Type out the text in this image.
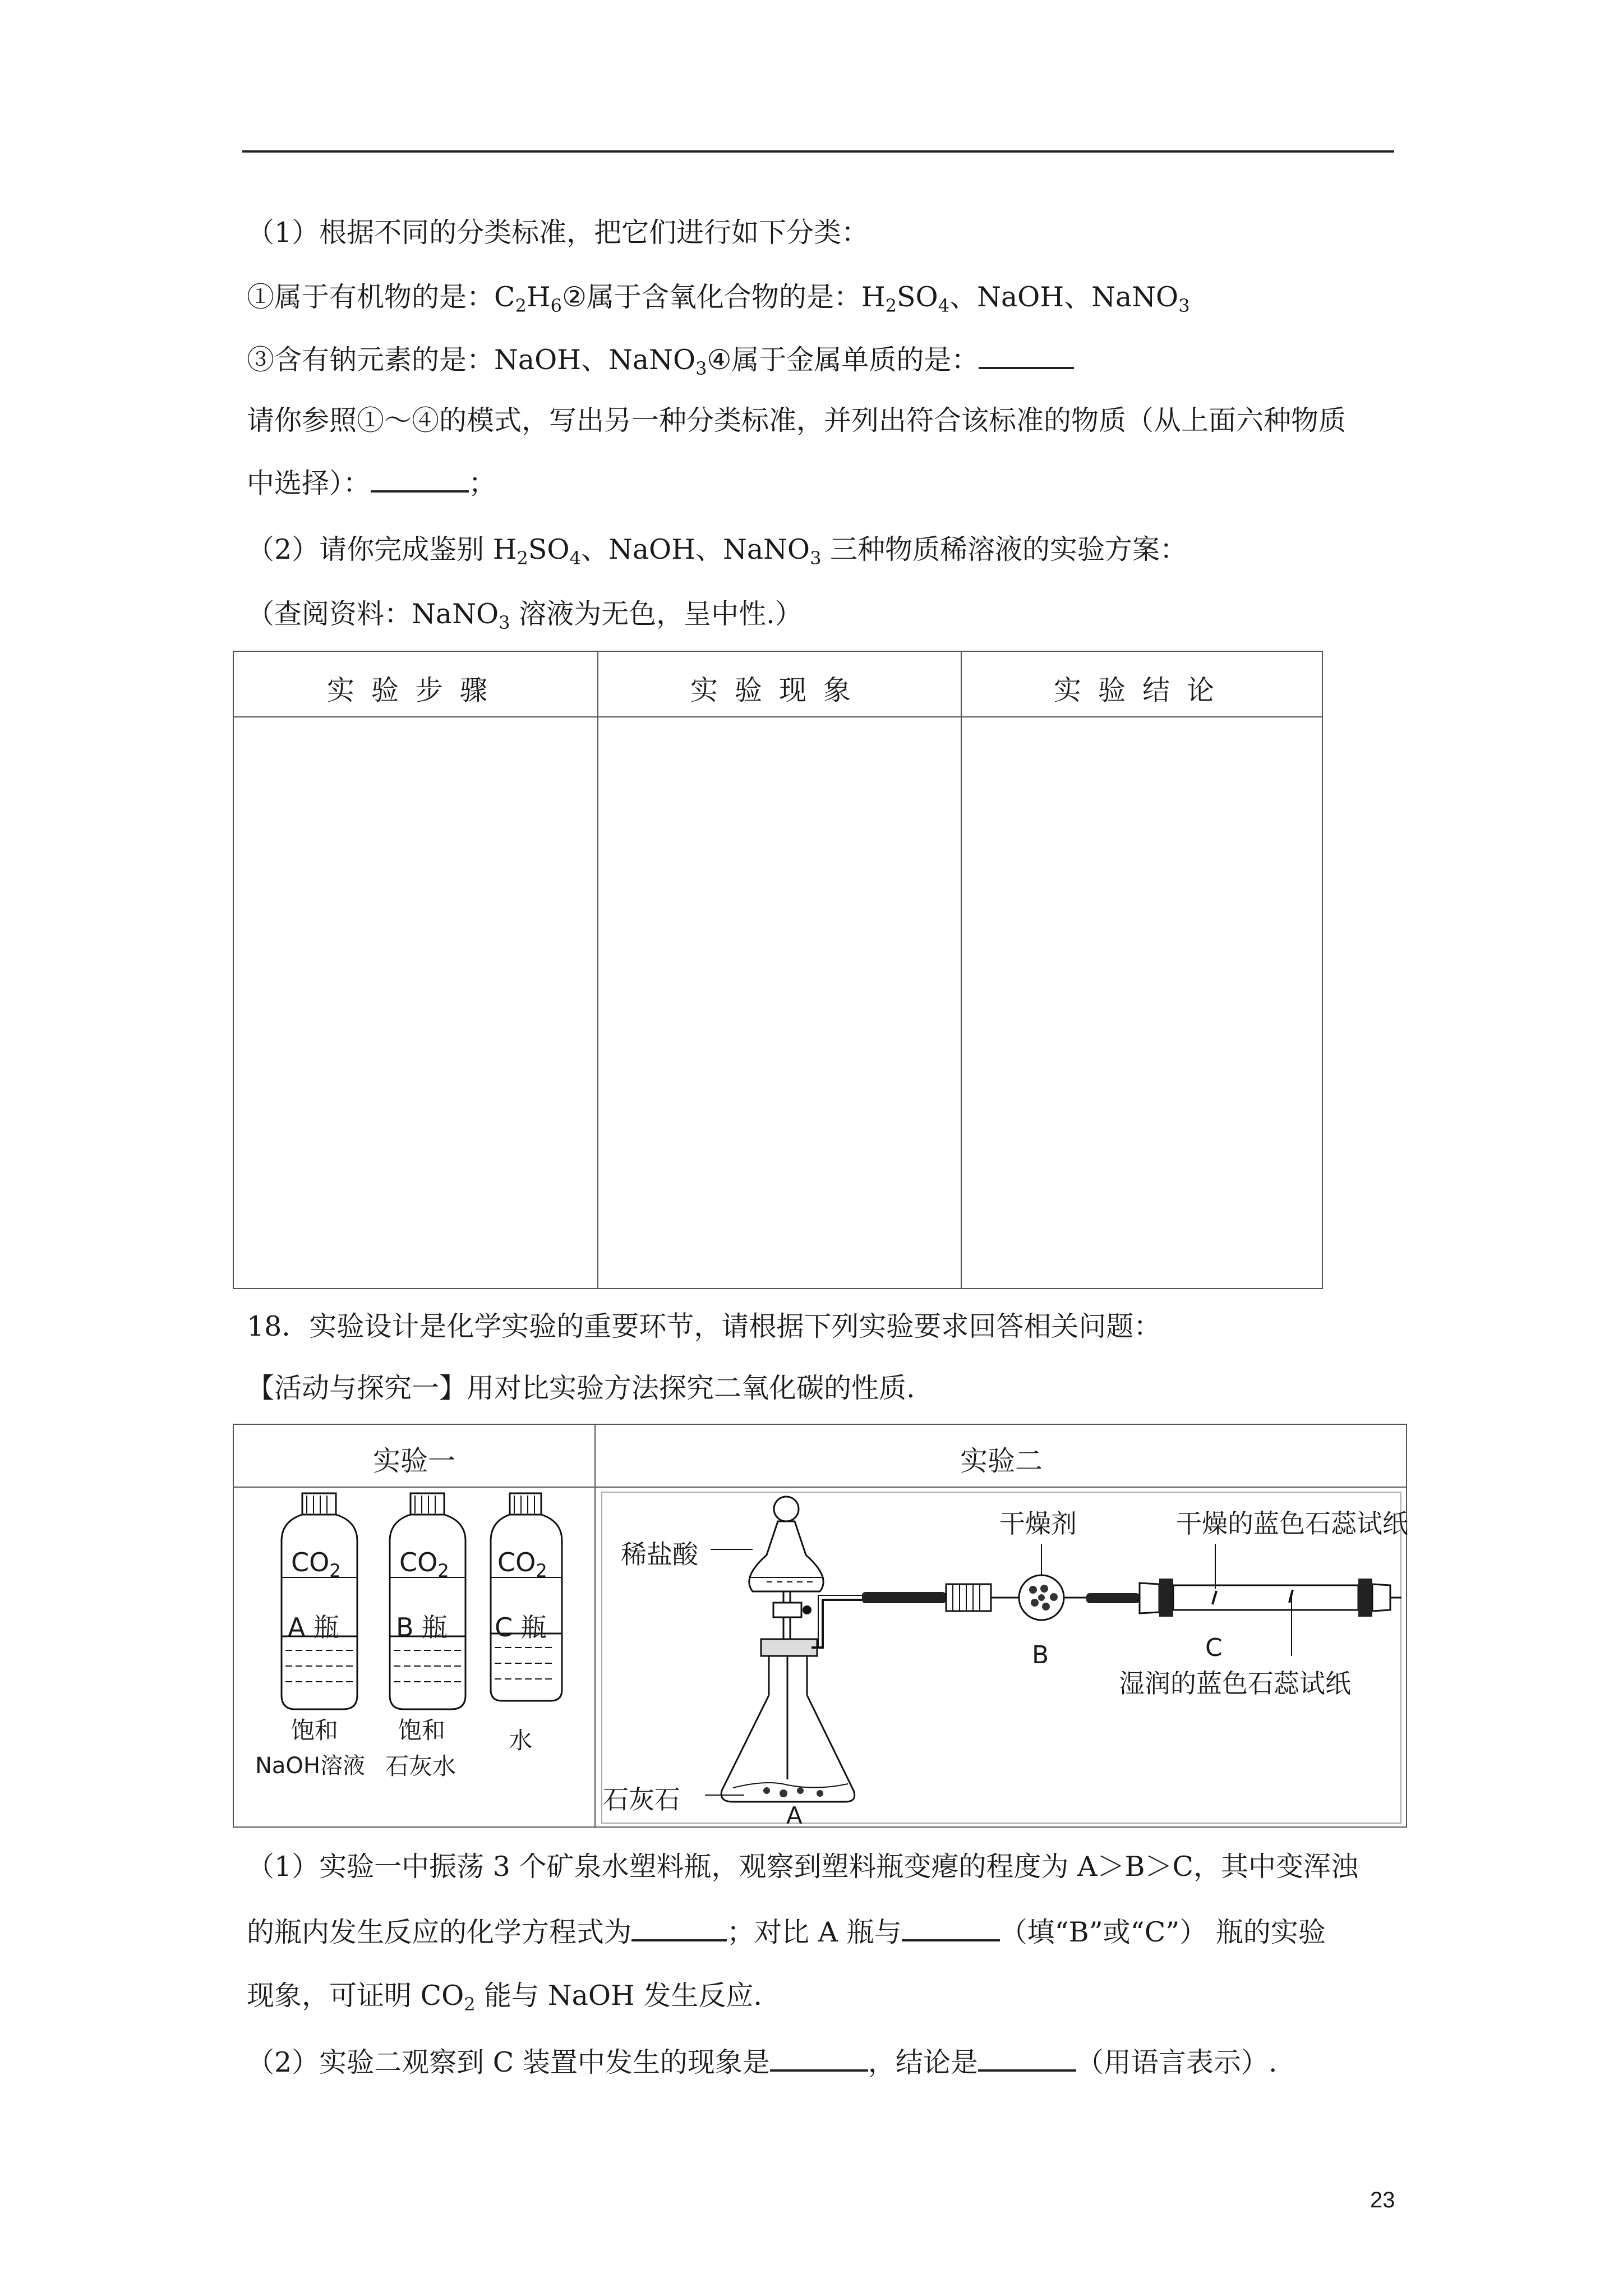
（1）根据不同的分类标准，把它们进行如下分类：
①属于有机物的是：$C_2H_6②$属于含氧化合物的是：$H_2SO_4$、NaOH、NaNO$_3$
③含有钠元素的是：NaOH、NaNO$_3$④属于金属单质的是：
请你参照①～④的模式，写出另一种分类标准，并列出符合该标准的物质（从上面六种物质
中选择）：	；
（2）请你完成鉴别 $H_2SO_4$、NaOH、NaNO$_3$ 三种物质稀溶液的实验方案：
（查阅资料：NaNO$_3$ 溶液为无色，呈中性.）
实验步骤	实验现象	实验结论
18．实验设计是化学实验的重要环节，请根据下列实验要求回答相关问题：
【活动与探究一】用对比实验方法探究二氧化碳的性质.
实验一	实验二
$CO_2$
A 瓶
饱和
NaOH溶液
$CO_2$
B 瓶
饱和
石灰水
$CO_2$
C 瓶
水
稀盐酸
干燥剂	干燥的蓝色石蕊试纸
B	C
湿润的蓝色石蕊试纸
石灰石
A
（1）实验一中振荡 3 个矿泉水塑料瓶，观察到塑料瓶变瘪的程度为 A＞B＞C，其中变浑浊
的瓶内发生反应的化学方程式为	；对比 A 瓶与	（填“B”或“C”） 瓶的实验
现象，可证明 $CO_2$ 能与 NaOH 发生反应.
（2）实验二观察到 C 装置中发生的现象是	，结论是	（用语言表示）.
23
